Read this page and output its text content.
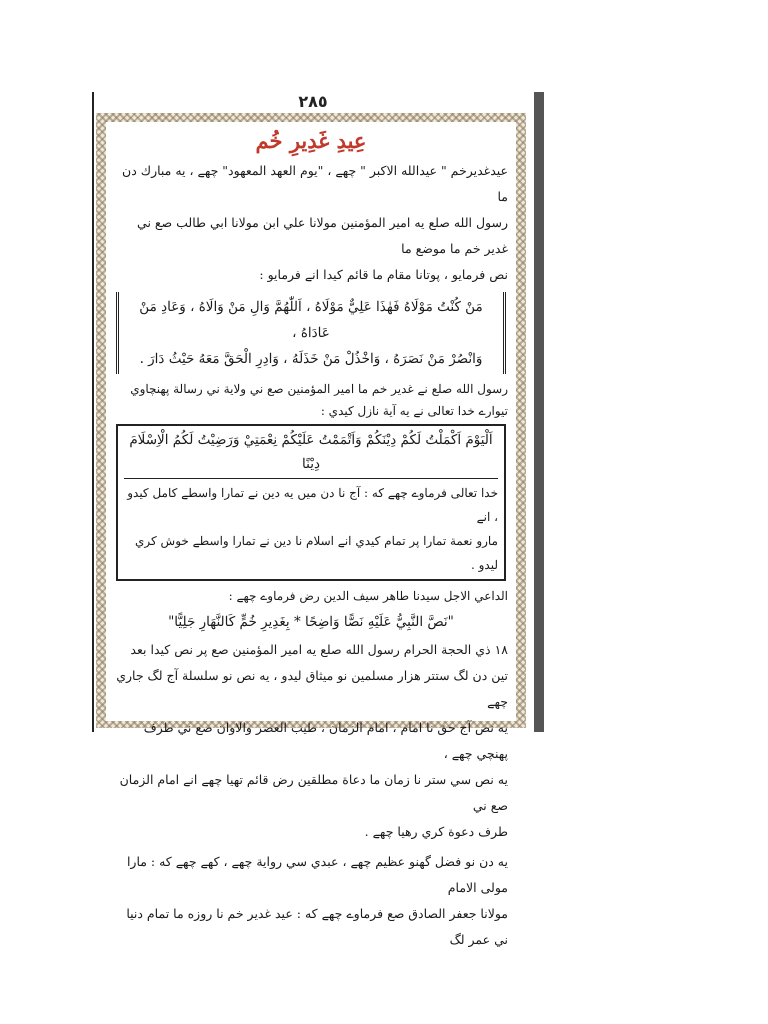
٢٨٥
عِيدِ غَدِيرِ خُم

عيدغديرخم " عيدالله الاكبر " چھے ، "يوم العهد المعهود" چھے ، يه مبارك دن ما

رسول الله صلع يه امير المؤمنين مولانا علي ابن مولانا ابي طالب صع ني غدير خم ما موضع ما

نص فرمايو ، پوتانا مقام ما قائم كيدا انے فرمايو :

مَنْ كُنْتُ مَوْلَاهُ فَهٰذَا عَلِيٌّ مَوْلَاهُ ، اَللّٰهُمَّ وَالِ مَنْ وَالَاهُ ، وَعَادِ مَنْ عَادَاهُ ،
وَانْصُرْ مَنْ نَصَرَهُ ، وَاخْذُلْ مَنْ خَذَلَهُ ، وَادِرِ الْحَقَّ مَعَهُ حَيْثُ دَارَ .
رسول الله صلع نے غدير خم ما امير المؤمنين صع ني ولاية ني رسالة پهنچاوي تيوارے خدا تعالى نے يه آية نازل كيدي :
اَلْيَوْمَ اَكْمَلْتُ لَكُمْ دِيْنَكُمْ وَاَتْمَمْتُ عَلَيْكُمْ نِعْمَتِيْ وَرَضِيْتُ لَكُمُ الْاِسْلَامَ دِيْنًا
خدا تعالى فرماوے چھے كه : آج نا دن ميں يه دين نے تمارا واسطے كامل كيدو ، انے
مارو نعمة تمارا پر تمام كيدي انے اسلام نا دين نے تمارا واسطے خوش كري ليدو .
الداعي الاجل سيدنا طاهر سيف الدين رض فرماوے چھے :
"نَصَّ النَّبِيُّ عَلَيْهِ نَصًّا وَاضِحًا * بِغَدِيرِ خُمٍّ كَالنَّهَارِ جَلِيًّا"

١٨ ذي الحجة الحرام رسول الله صلع يه امير المؤمنين صع پر نص كيدا بعد

تين دن لگ ستتر هزار مسلمين نو ميثاق ليدو ، يه نص نو سلسلة آج لگ جاري چھے

يه نص آج حق نا امام ، امام الزمان ، طيب العصر والاوان صع ني طرف پهنچي چھے ،

يه نص سي ستر نا زمان ما دعاة مطلقين رض قائم تھيا چھے انے امام الزمان صع ني

طرف دعوة كري رهيا چھے .

يه دن نو فضل گھنو عظيم چھے ، عبدي سي رواية چھے ، كهے چھے كه : مارا مولى الامام

مولانا جعفر الصادق صع فرماوے چھے كه : عيد غدير خم نا روزه ما تمام دنيا ني عمر لگ
